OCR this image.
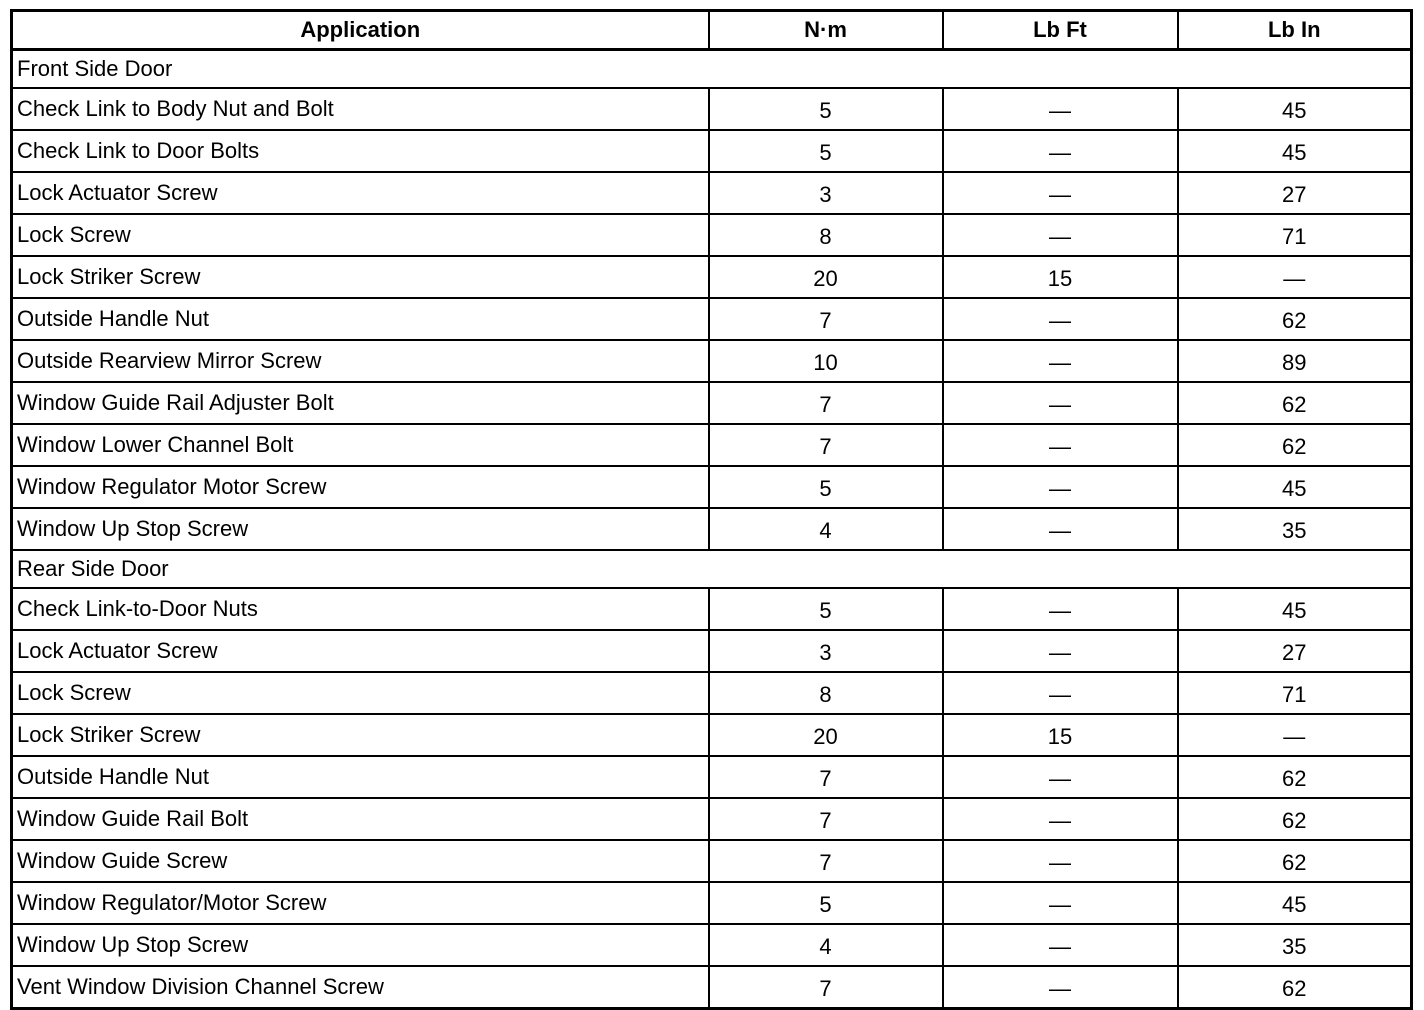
Application	N·m	Lb Ft	Lb In
Front Side Door			
Check Link to Body Nut and Bolt	5	—	45
Check Link to Door Bolts	5	—	45
Lock Actuator Screw	3	—	27
Lock Screw	8	—	71
Lock Striker Screw	20	15	—
Outside Handle Nut	7	—	62
Outside Rearview Mirror Screw	10	—	89
Window Guide Rail Adjuster Bolt	7	—	62
Window Lower Channel Bolt	7	—	62
Window Regulator Motor Screw	5	—	45
Window Up Stop Screw	4	—	35
Rear Side Door			
Check Link-to-Door Nuts	5	—	45
Lock Actuator Screw	3	—	27
Lock Screw	8	—	71
Lock Striker Screw	20	15	—
Outside Handle Nut	7	—	62
Window Guide Rail Bolt	7	—	62
Window Guide Screw	7	—	62
Window Regulator/Motor Screw	5	—	45
Window Up Stop Screw	4	—	35
Vent Window Division Channel Screw	7	—	62
